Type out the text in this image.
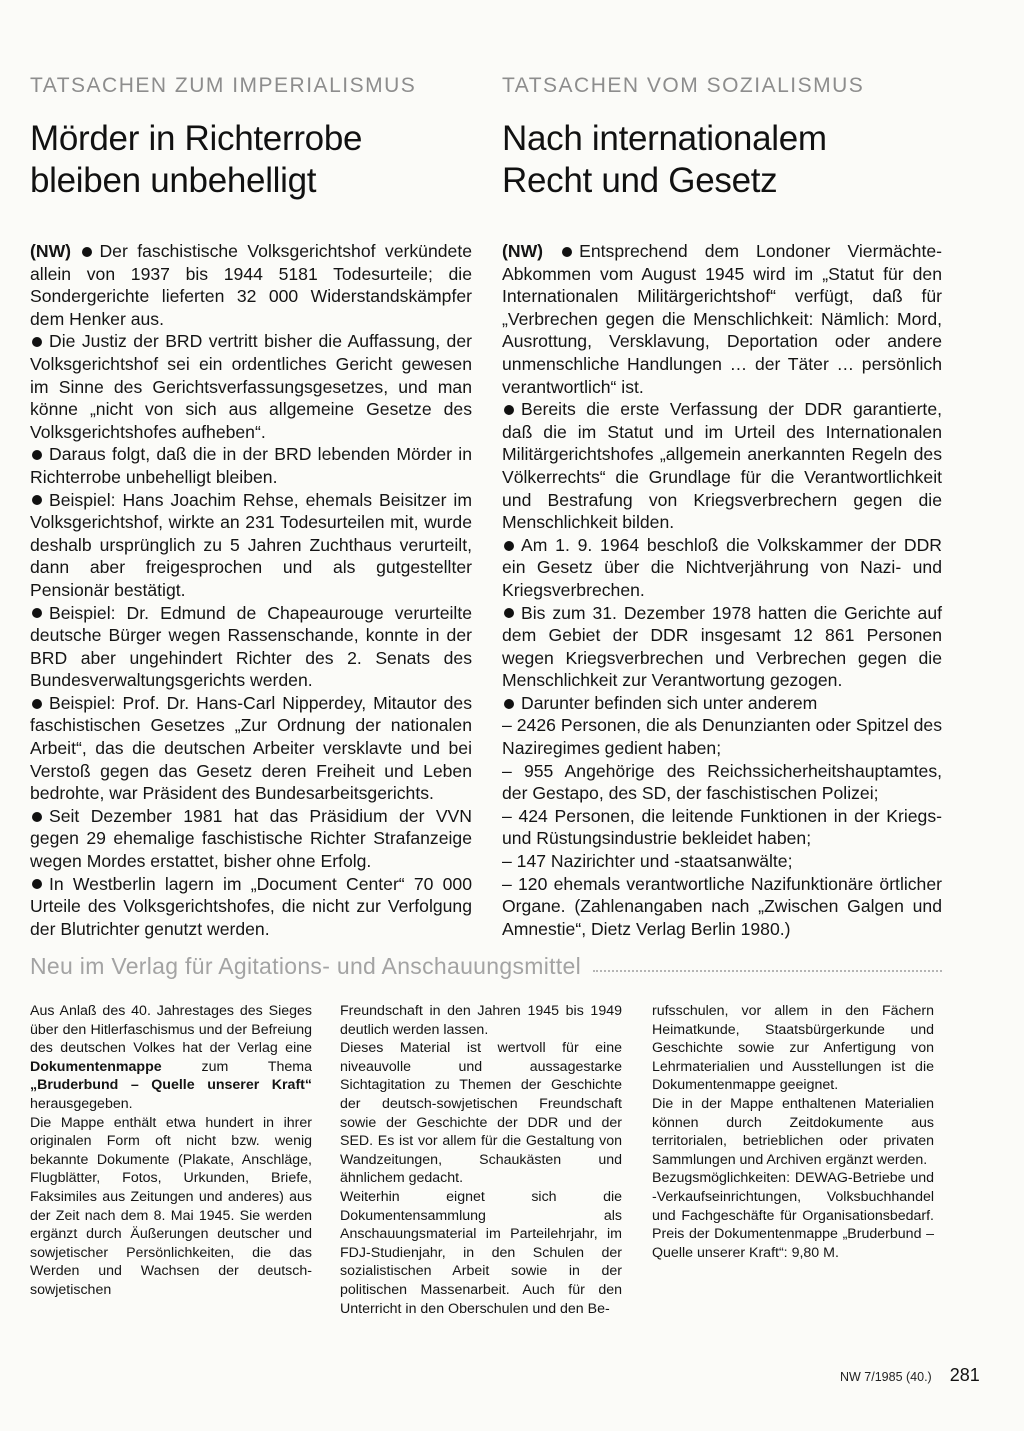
TATSACHEN ZUM IMPERIALISMUS
Mörder in Richterrobe
bleiben unbehelligt

(NW) Der faschistische Volksgerichtshof verkündete allein von 1937 bis 1944 5181 Todesurteile; die Sondergerichte lieferten 32 000 Widerstandskämpfer dem Henker aus.

Die Justiz der BRD vertritt bisher die Auffassung, der Volksgerichtshof sei ein ordentliches Gericht gewesen im Sinne des Gerichtsverfassungsgesetzes, und man könne „nicht von sich aus allgemeine Gesetze des Volksgerichtshofes aufheben“.

Daraus folgt, daß die in der BRD lebenden Mörder in Richterrobe unbehelligt bleiben.

Beispiel: Hans Joachim Rehse, ehemals Beisitzer im Volksgerichtshof, wirkte an 231 Todesurteilen mit, wurde deshalb ursprünglich zu 5 Jahren Zuchthaus verurteilt, dann aber freigesprochen und als gutgestellter Pensionär bestätigt.

Beispiel: Dr. Edmund de Chapeaurouge verurteilte deutsche Bürger wegen Rassenschande, konnte in der BRD aber ungehindert Richter des 2. Senats des Bundesverwaltungsgerichts werden.

Beispiel: Prof. Dr. Hans-Carl Nipperdey, Mitautor des faschistischen Gesetzes „Zur Ordnung der nationalen Arbeit“, das die deutschen Arbeiter versklavte und bei Verstoß gegen das Gesetz deren Freiheit und Leben bedrohte, war Präsident des Bundesarbeitsgerichts.

Seit Dezember 1981 hat das Präsidium der VVN gegen 29 ehemalige faschistische Richter Strafanzeige wegen Mordes erstattet, bisher ohne Erfolg.

In Westberlin lagern im „Document Center“ 70 000 Urteile des Volksgerichtshofes, die nicht zur Verfolgung der Blutrichter genutzt werden.

TATSACHEN VOM SOZIALISMUS
Nach internationalem
Recht und Gesetz

(NW) Entsprechend dem Londoner Viermächte-Abkommen vom August 1945 wird im „Statut für den Internationalen Militärgerichtshof“ verfügt, daß für „Verbrechen gegen die Menschlichkeit: Nämlich: Mord, Ausrottung, Versklavung, Deportation oder andere unmenschliche Handlungen … der Täter … persönlich verantwortlich“ ist.

Bereits die erste Verfassung der DDR garantierte, daß die im Statut und im Urteil des Internationalen Militärgerichtshofes „allgemein anerkannten Regeln des Völkerrechts“ die Grundlage für die Verantwortlichkeit und Bestrafung von Kriegsverbrechern gegen die Menschlichkeit bilden.

Am 1. 9. 1964 beschloß die Volkskammer der DDR ein Gesetz über die Nichtverjährung von Nazi- und Kriegsverbrechen.

Bis zum 31. Dezember 1978 hatten die Gerichte auf dem Gebiet der DDR insgesamt 12 861 Personen wegen Kriegsverbrechen und Verbrechen gegen die Menschlichkeit zur Verantwortung gezogen.

Darunter befinden sich unter anderem

– 2426 Personen, die als Denunzianten oder Spitzel des Naziregimes gedient haben;

– 955 Angehörige des Reichssicherheitshauptamtes, der Gestapo, des SD, der faschistischen Polizei;

– 424 Personen, die leitende Funktionen in der Kriegs- und Rüstungsindustrie bekleidet haben;

– 147 Nazirichter und -staatsanwälte;

– 120 ehemals verantwortliche Nazifunktionäre örtlicher Organe. (Zahlenangaben nach „Zwischen Galgen und Amnestie“, Dietz Verlag Berlin 1980.)

Neu im Verlag für Agitations- und Anschauungsmittel

Aus Anlaß des 40. Jahrestages des Sieges über den Hitlerfaschismus und der Befreiung des deutschen Volkes hat der Verlag eine Dokumentenmappe zum Thema „Bruderbund – Quelle unserer Kraft“ herausgegeben.

Die Mappe enthält etwa hundert in ihrer originalen Form oft nicht bzw. wenig bekannte Dokumente (Plakate, Anschläge, Flugblätter, Fotos, Urkunden, Briefe, Faksimiles aus Zeitungen und anderes) aus der Zeit nach dem 8. Mai 1945. Sie werden ergänzt durch Äußerungen deutscher und sowjetischer Persönlichkeiten, die das Werden und Wachsen der deutsch-sowjetischen

Freundschaft in den Jahren 1945 bis 1949 deutlich werden lassen.

Dieses Material ist wertvoll für eine niveauvolle und aussagestarke Sichtagitation zu Themen der Geschichte der deutsch-sowjetischen Freundschaft sowie der Geschichte der DDR und der SED. Es ist vor allem für die Gestaltung von Wandzeitungen, Schaukästen und ähnlichem gedacht.

Weiterhin eignet sich die Dokumentensammlung als Anschauungsmaterial im Parteilehrjahr, im FDJ-Studienjahr, in den Schulen der sozialistischen Arbeit sowie in der politischen Massenarbeit. Auch für den Unterricht in den Oberschulen und den Be-

rufsschulen, vor allem in den Fächern Heimatkunde, Staatsbürgerkunde und Geschichte sowie zur Anfertigung von Lehrmaterialien und Ausstellungen ist die Dokumentenmappe geeignet.

Die in der Mappe enthaltenen Materialien können durch Zeitdokumente aus territorialen, betrieblichen oder privaten Sammlungen und Archiven ergänzt werden.

Bezugsmöglichkeiten: DEWAG-Betriebe und -Verkaufseinrichtungen, Volksbuchhandel und Fachgeschäfte für Organisationsbedarf. Preis der Dokumentenmappe „Bruderbund – Quelle unserer Kraft“: 9,80 M.

NW 7/1985 (40.) 281
